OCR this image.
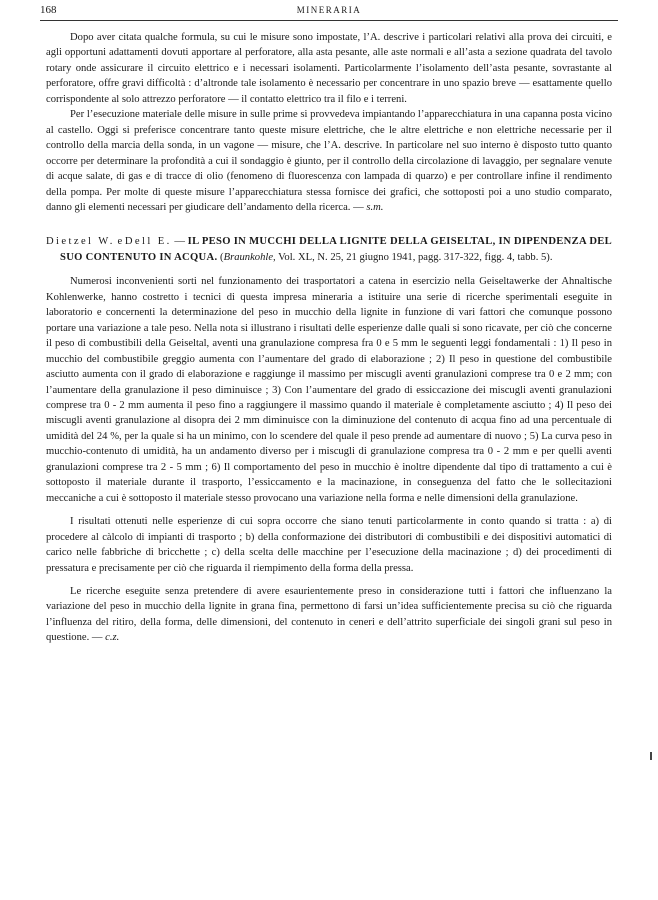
168	MINERARIA

Dopo aver citata qualche formula, su cui le misure sono impostate, l’A. descrive i particolari relativi alla prova dei circuiti, e agli opportuni adattamenti dovuti apportare al perforatore, alla asta pesante, alle aste normali e all’asta a sezione quadrata del tavolo rotary onde assicurare il circuito elettrico e i necessari isolamenti. Particolarmente l’isolamento dell’asta pesante, sovrastante al perforatore, offre gravi difficoltà : d’altronde tale isolamento è necessario per concentrare in uno spazio breve — esattamente quello corrispondente al solo attrezzo perforatore — il contatto elettrico tra il filo e i terreni.

Per l’esecuzione materiale delle misure in sulle prime si provvedeva impiantando l’apparecchiatura in una capanna posta vicino al castello. Oggi si preferisce concentrare tanto queste misure elettriche, che le altre elettriche e non elettriche necessarie per il controllo della marcia della sonda, in un vagone — misure, che l’A. descrive. In particolare nel suo interno è disposto tutto quanto occorre per determinare la profondità a cui il sondaggio è giunto, per il controllo della circolazione di lavaggio, per segnalare venute di acque salate, di gas e di tracce di olio (fenomeno di fluorescenza con lampada di quarzo) e per controllare infine il rendimento della pompa. Per molte di queste misure l’apparecchiatura stessa fornisce dei grafici, che sottoposti poi a uno studio comparato, danno gli elementi necessari per giudicare dell’andamento della ricerca. — s.m.

Dietzel W. e Dell E. — IL PESO IN MUCCHI DELLA LIGNITE DELLA GEISELTAL, IN DIPENDENZA DEL SUO CONTENUTO IN ACQUA. (Braunkohle, Vol. XL, N. 25, 21 giugno 1941, pagg. 317-322, figg. 4, tabb. 5).

Numerosi inconvenienti sorti nel funzionamento dei trasportatori a catena in esercizio nella Geiseltawerke der Ahnaltische Kohlenwerke, hanno costretto i tecnici di questa impresa mineraria a istituire una serie di ricerche sperimentali eseguite in laboratorio e concernenti la determinazione del peso in mucchio della lignite in funzione di vari fattori che comunque possono portare una variazione a tale peso. Nella nota si illustrano i risultati delle esperienze dalle quali si sono ricavate, per ciò che concerne il peso di combustibili della Geiseltal, aventi una granulazione compresa fra 0 e 5 mm le seguenti leggi fondamentali : 1) Il peso in mucchio del combustibile greggio aumenta con l’aumentare del grado di elaborazione ; 2) Il peso in questione del combustibile asciutto aumenta con il grado di elaborazione e raggiunge il massimo per miscugli aventi granulazioni comprese tra 0 e 2 mm; con l’aumentare della granulazione il peso diminuisce ; 3) Con l’aumentare del grado di essiccazione dei miscugli aventi granulazioni comprese tra 0 - 2 mm aumenta il peso fino a raggiungere il massimo quando il materiale è completamente asciutto ; 4) Il peso dei miscugli aventi granulazione al disopra dei 2 mm diminuisce con la diminuzione del contenuto di acqua fino ad una percentuale di umidità del 24 %, per la quale si ha un minimo, con lo scendere del quale il peso prende ad aumentare di nuovo ; 5) La curva peso in mucchio-contenuto di umidità, ha un andamento diverso per i miscugli di granulazione compresa tra 0 - 2 mm e per quelli aventi granulazioni comprese tra 2 - 5 mm ; 6) Il comportamento del peso in mucchio è inoltre dipendente dal tipo di trattamento a cui è sottoposto il materiale durante il trasporto, l’essiccamento e la macinazione, in conseguenza del fatto che le sollecitazioni meccaniche a cui è sottoposto il materiale stesso provocano una variazione nella forma e nelle dimensioni della granulazione.

I risultati ottenuti nelle esperienze di cui sopra occorre che siano tenuti particolarmente in conto quando si tratta : a) di procedere al càlcolo di impianti di trasporto ; b) della conformazione dei distributori di combustibili e dei dispositivi automatici di carico nelle fabbriche di bricchette ; c) della scelta delle macchine per l’esecuzione della macinazione ; d) dei procedimenti di pressatura e precisamente per ciò che riguarda il riempimento della forma della pressa.

Le ricerche eseguite senza pretendere di avere esaurientemente preso in considerazione tutti i fattori che influenzano la variazione del peso in mucchio della lignite in grana fina, permettono di farsi un’idea sufficientemente precisa su ciò che riguarda l’influenza del ritiro, della forma, delle dimensioni, del contenuto in ceneri e dell’attrito superficiale dei singoli grani sul peso in questione. — c.z.
